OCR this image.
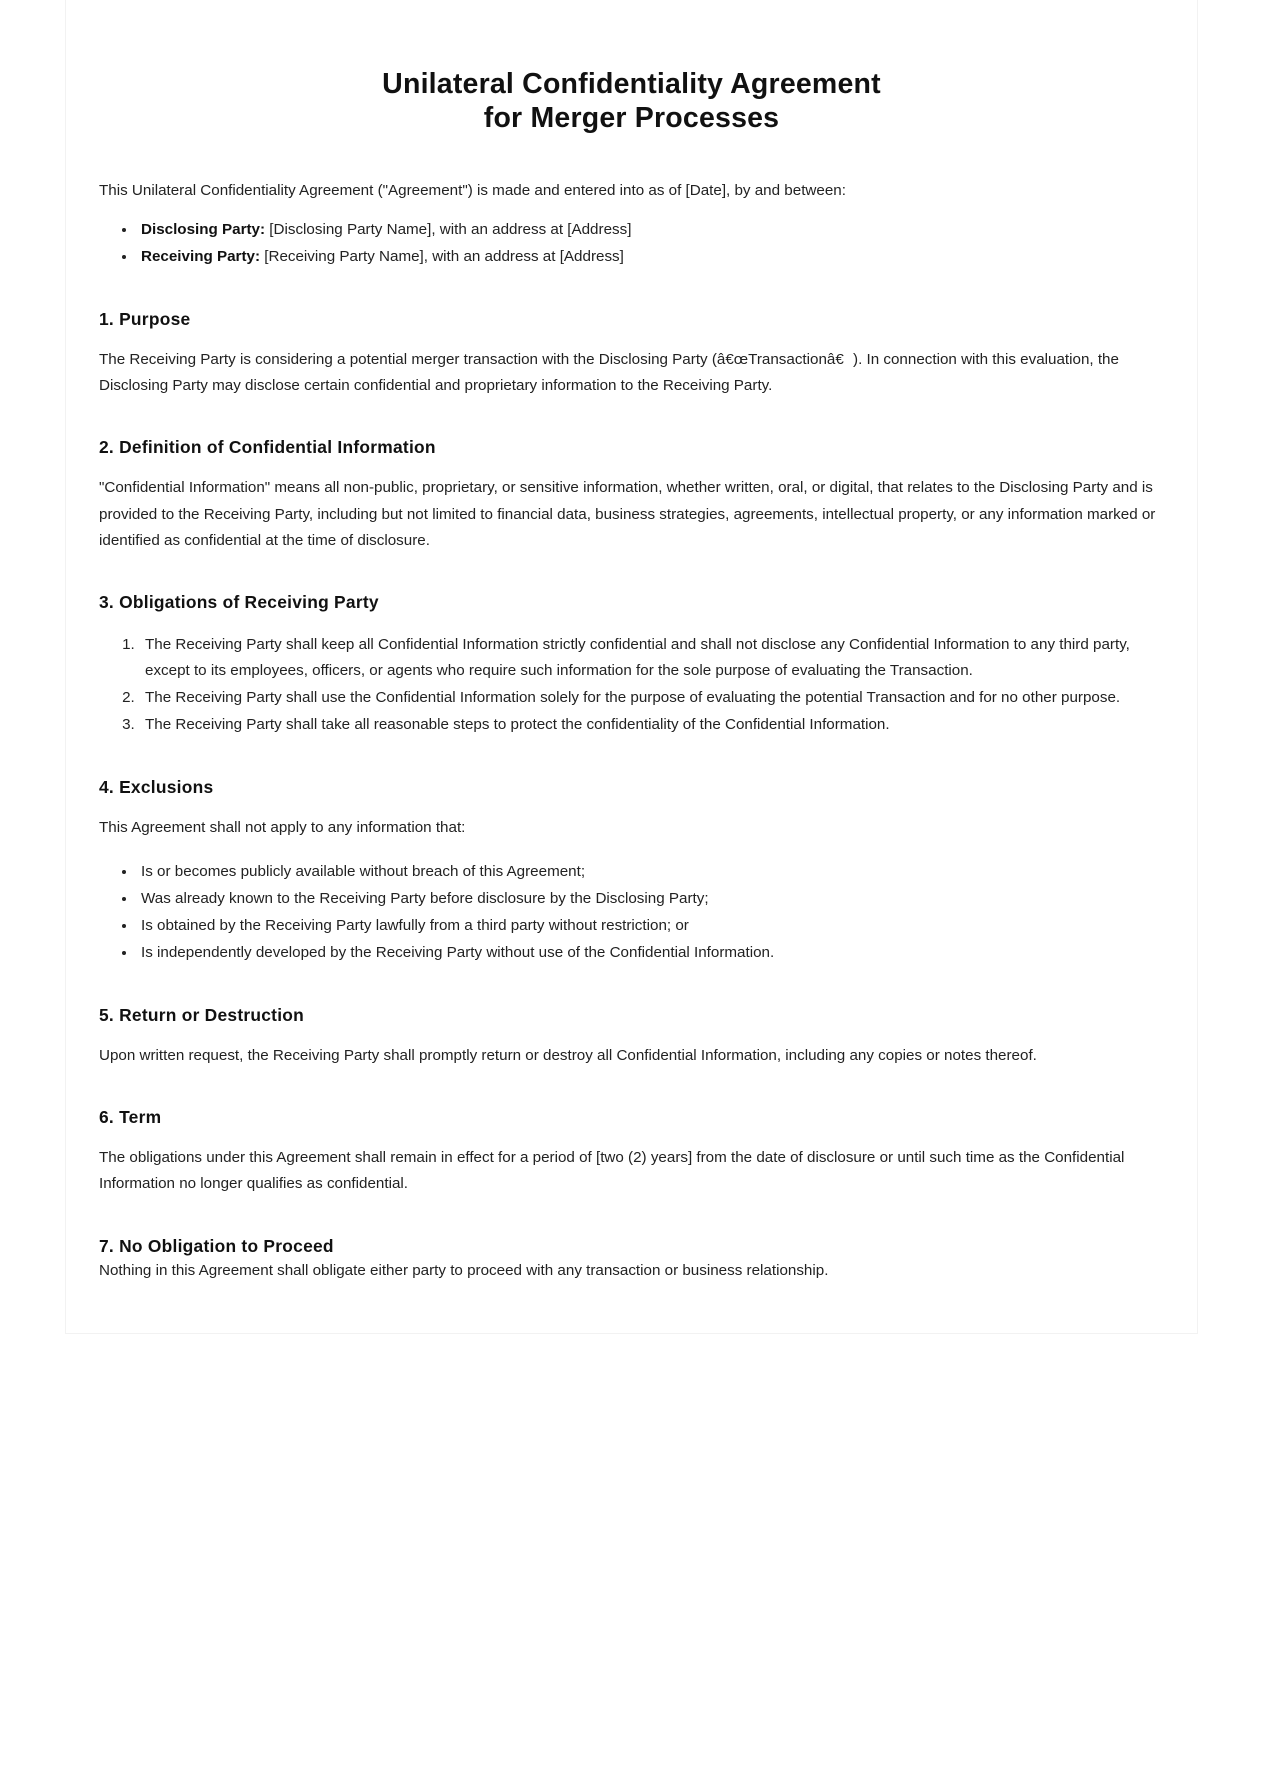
Unilateral Confidentiality Agreement
for Merger Processes

This Unilateral Confidentiality Agreement ("Agreement") is made and entered into as of [Date], by and between:

• Disclosing Party: [Disclosing Party Name], with an address at [Address]
• Receiving Party: [Receiving Party Name], with an address at [Address]
1. Purpose

The Receiving Party is considering a potential merger transaction with the Disclosing Party (â€œTransactionâ€). In connection with this evaluation, the Disclosing Party may disclose certain confidential and proprietary information to the Receiving Party.

2. Definition of Confidential Information

"Confidential Information" means all non-public, proprietary, or sensitive information, whether written, oral, or digital, that relates to the Disclosing Party and is provided to the Receiving Party, including but not limited to financial data, business strategies, agreements, intellectual property, or any information marked or identified as confidential at the time of disclosure.

3. Obligations of Receiving Party
1. The Receiving Party shall keep all Confidential Information strictly confidential and shall not disclose any Confidential Information to any third party, except to its employees, officers, or agents who require such information for the sole purpose of evaluating the Transaction.
2. The Receiving Party shall use the Confidential Information solely for the purpose of evaluating the potential Transaction and for no other purpose.
3. The Receiving Party shall take all reasonable steps to protect the confidentiality of the Confidential Information.
4. Exclusions

This Agreement shall not apply to any information that:

• Is or becomes publicly available without breach of this Agreement;
• Was already known to the Receiving Party before disclosure by the Disclosing Party;
• Is obtained by the Receiving Party lawfully from a third party without restriction; or
• Is independently developed by the Receiving Party without use of the Confidential Information.
5. Return or Destruction

Upon written request, the Receiving Party shall promptly return or destroy all Confidential Information, including any copies or notes thereof.

6. Term

The obligations under this Agreement shall remain in effect for a period of [two (2) years] from the date of disclosure or until such time as the Confidential Information no longer qualifies as confidential.

7. No Obligation to Proceed

Nothing in this Agreement shall obligate either party to proceed with any transaction or business relationship.
